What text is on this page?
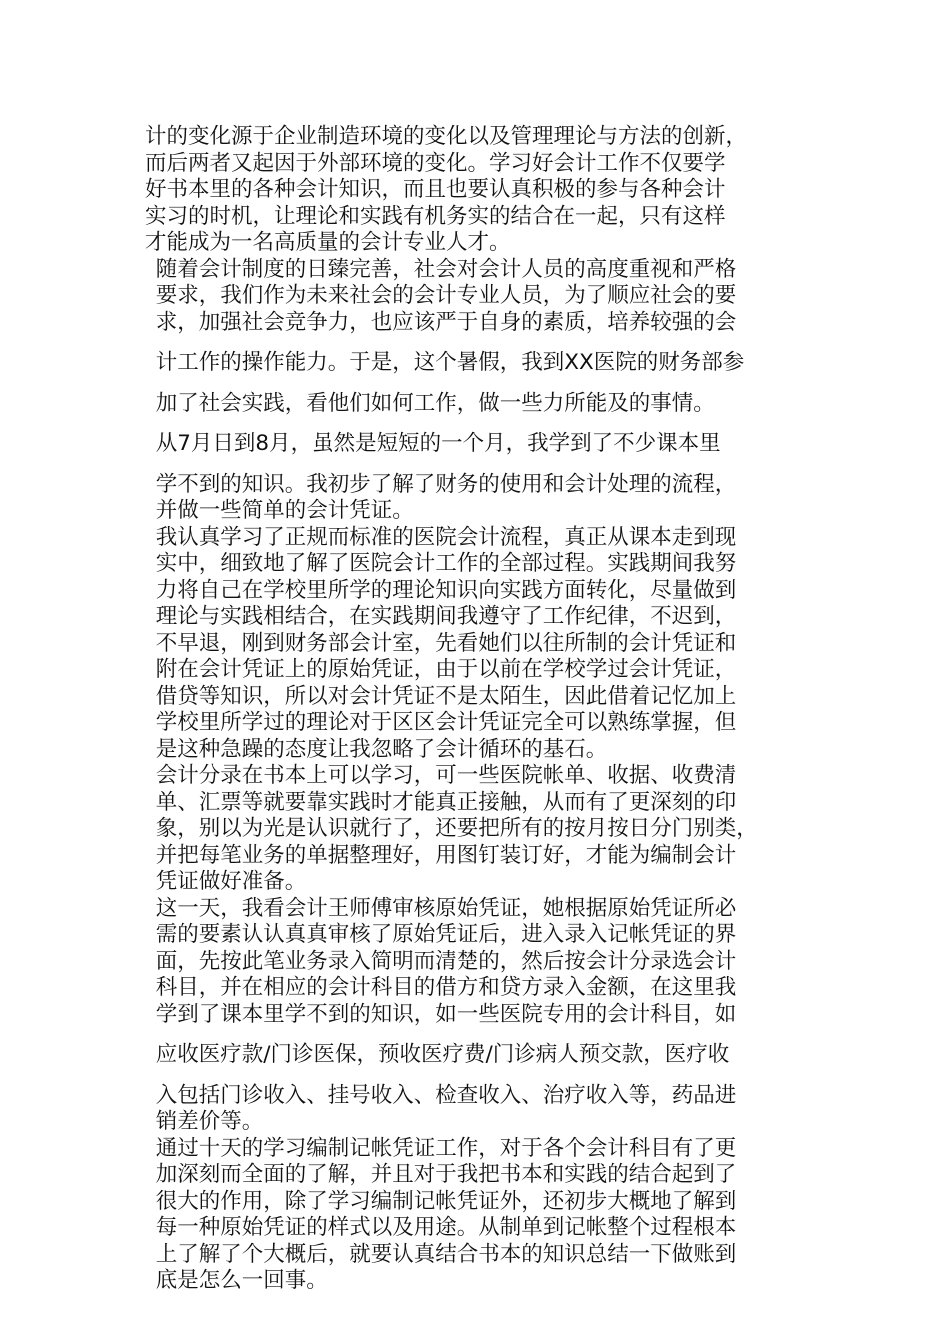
计的变化源于企业制造环境的变化以及管理理论与方法的创新，
而后两者又起因于外部环境的变化。学习好会计工作不仅要学
好书本里的各种会计知识，而且也要认真积极的参与各种会计
实习的时机，让理论和实践有机务实的结合在一起，只有这样
才能成为一名高质量的会计专业人才。

随着会计制度的日臻完善，社会对会计人员的高度重视和严格
要求，我们作为未来社会的会计专业人员，为了顺应社会的要
求，加强社会竞争力，也应该严于自身的素质，培养较强的会
计工作的操作能力。于是，这个暑假，我到XX医院的财务部参
加了社会实践，看他们如何工作，做一些力所能及的事情。

从7月日到8月，虽然是短短的一个月，我学到了不少课本里
学不到的知识。我初步了解了财务的使用和会计处理的流程，
并做一些简单的会计凭证。

我认真学习了正规而标准的医院会计流程，真正从课本走到现
实中，细致地了解了医院会计工作的全部过程。实践期间我努
力将自己在学校里所学的理论知识向实践方面转化，尽量做到
理论与实践相结合，在实践期间我遵守了工作纪律，不迟到，
不早退，刚到财务部会计室，先看她们以往所制的会计凭证和
附在会计凭证上的原始凭证，由于以前在学校学过会计凭证，
借贷等知识，所以对会计凭证不是太陌生，因此借着记忆加上
学校里所学过的理论对于区区会计凭证完全可以熟练掌握，但
是这种急躁的态度让我忽略了会计循环的基石。

会计分录在书本上可以学习，可一些医院帐单、收据、收费清
单、汇票等就要靠实践时才能真正接触，从而有了更深刻的印
象，别以为光是认识就行了，还要把所有的按月按日分门别类，
并把每笔业务的单据整理好，用图钉装订好，才能为编制会计
凭证做好准备。

这一天，我看会计王师傅审核原始凭证，她根据原始凭证所必
需的要素认认真真审核了原始凭证后，进入录入记帐凭证的界
面，先按此笔业务录入简明而清楚的，然后按会计分录选会计
科目，并在相应的会计科目的借方和贷方录入金额，在这里我
学到了课本里学不到的知识，如一些医院专用的会计科目，如
应收医疗款/门诊医保，预收医疗费/门诊病人预交款，医疗收
入包括门诊收入、挂号收入、检查收入、治疗收入等，药品进
销差价等。

通过十天的学习编制记帐凭证工作，对于各个会计科目有了更
加深刻而全面的了解，并且对于我把书本和实践的结合起到了
很大的作用，除了学习编制记帐凭证外，还初步大概地了解到
每一种原始凭证的样式以及用途。从制单到记帐整个过程根本
上了解了个大概后，就要认真结合书本的知识总结一下做账到
底是怎么一回事。
